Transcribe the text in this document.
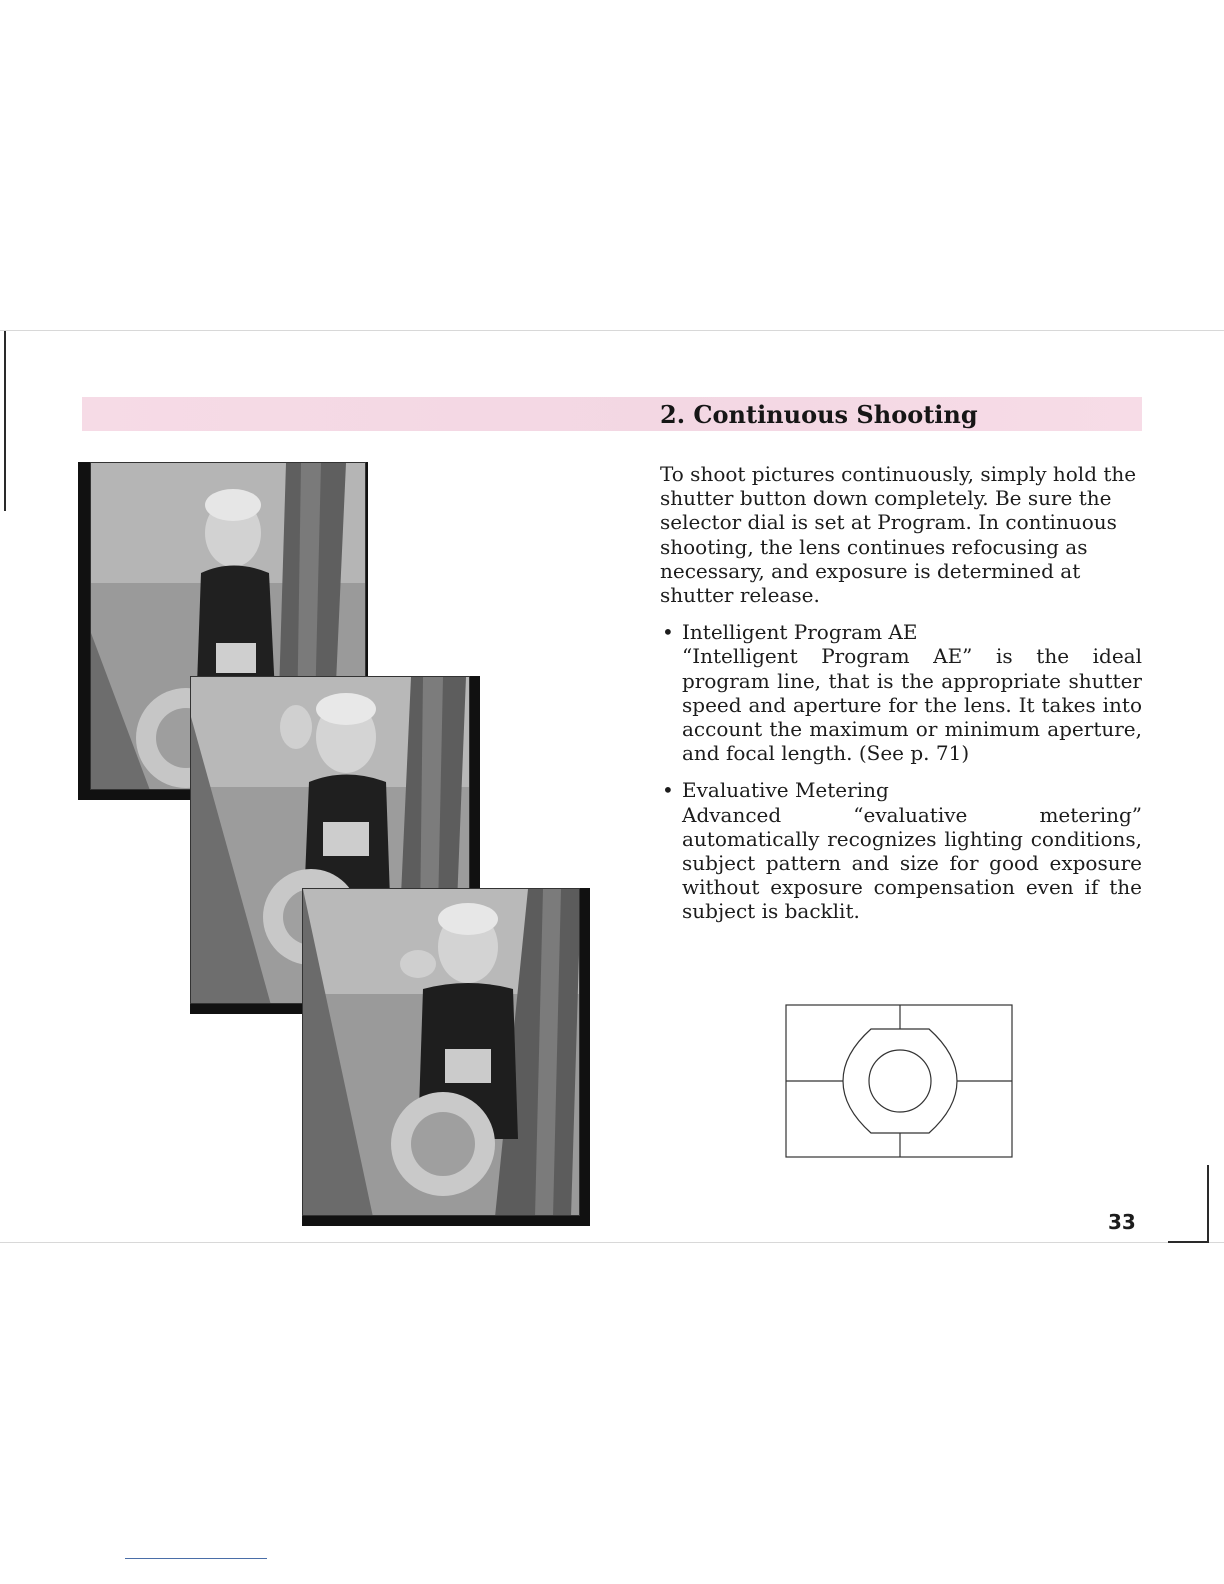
2. Continuous Shooting

To shoot pictures continuously, simply hold the shutter button down completely. Be sure the selector dial is set at Program. In continuous shooting, the lens continues refocusing as necessary, and exposure is determined at shutter release.

• Intelligent Program AE
“Intelligent Program AE” is the ideal program line, that is the appropriate shutter speed and aperture for the lens. It takes into account the maximum or minimum aperture, and focal length. (See p. 71)
• Evaluative Metering
Advanced “evaluative metering” automatically recognizes lighting conditions, subject pattern and size for good exposure without exposure compensation even if the subject is backlit.
33
